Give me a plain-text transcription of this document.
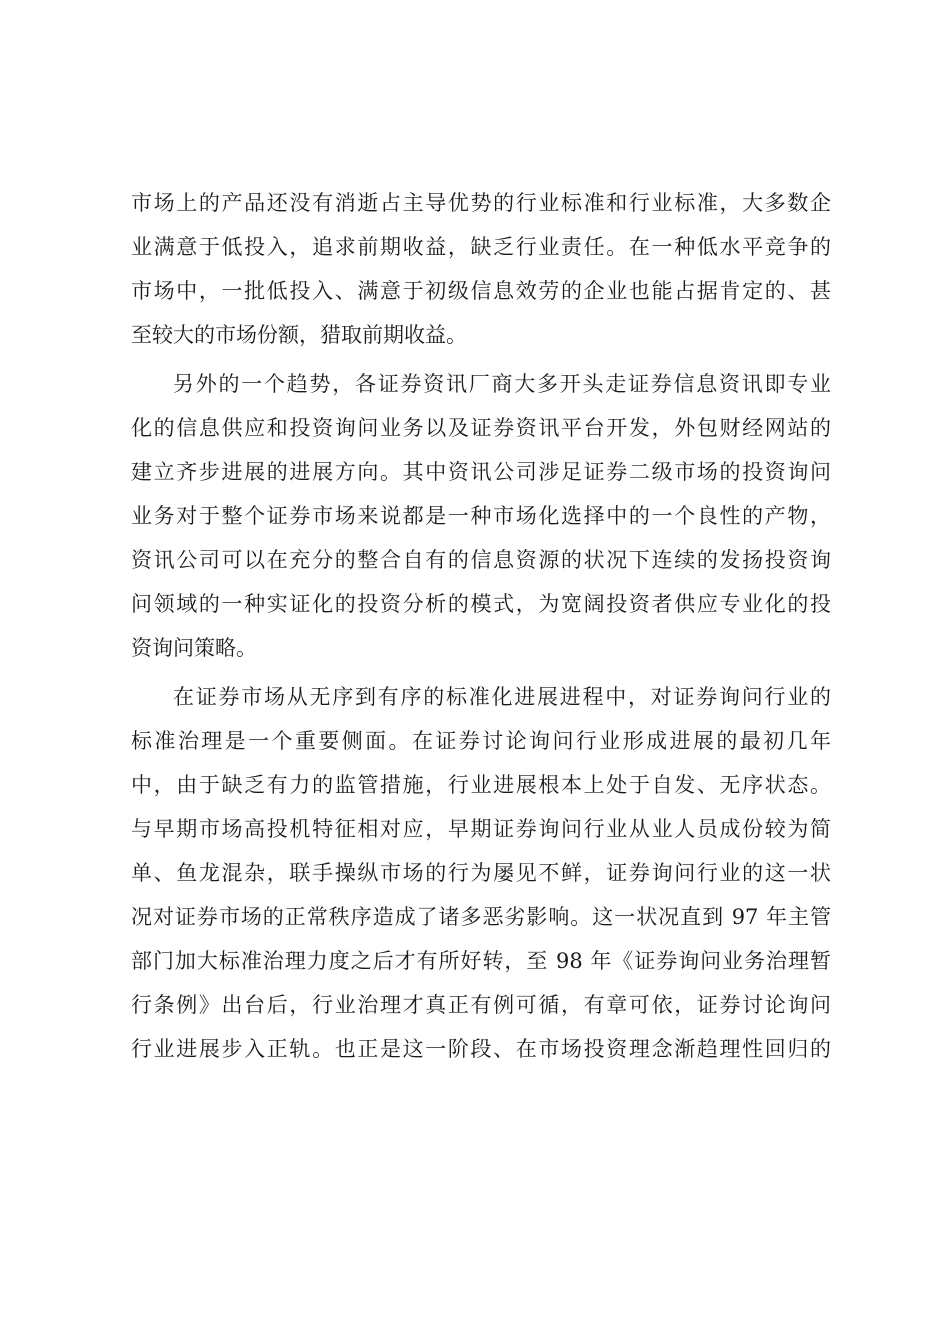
市场上的产品还没有消逝占主导优势的行业标准和行业标准，大多数企
业满意于低投入，追求前期收益，缺乏行业责任。在一种低水平竞争的
市场中，一批低投入、满意于初级信息效劳的企业也能占据肯定的、甚
至较大的市场份额，猎取前期收益。
另外的一个趋势，各证券资讯厂商大多开头走证券信息资讯即专业
化的信息供应和投资询问业务以及证券资讯平台开发，外包财经网站的
建立齐步进展的进展方向。其中资讯公司涉足证券二级市场的投资询问
业务对于整个证券市场来说都是一种市场化选择中的一个良性的产物，
资讯公司可以在充分的整合自有的信息资源的状况下连续的发扬投资询
问领域的一种实证化的投资分析的模式，为宽阔投资者供应专业化的投
资询问策略。
在证券市场从无序到有序的标准化进展进程中，对证券询问行业的
标准治理是一个重要侧面。在证券讨论询问行业形成进展的最初几年
中，由于缺乏有力的监管措施，行业进展根本上处于自发、无序状态。
与早期市场高投机特征相对应，早期证券询问行业从业人员成份较为简
单、鱼龙混杂，联手操纵市场的行为屡见不鲜，证券询问行业的这一状
况对证券市场的正常秩序造成了诸多恶劣影响。这一状况直到 97 年主管
部门加大标准治理力度之后才有所好转，至 98 年《证券询问业务治理暂
行条例》出台后，行业治理才真正有例可循，有章可依，证券讨论询问
行业进展步入正轨。也正是这一阶段、在市场投资理念渐趋理性回归的
